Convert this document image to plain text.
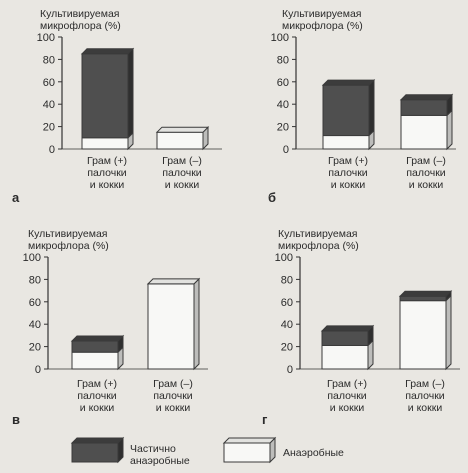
Культивируемая
микрофлора (%)
0
20
40
60
80
100
Грам (+)
палочки
и кокки
Грам (–)
палочки
и кокки
а
Культивируемая
микрофлора (%)
0
20
40
60
80
100
Грам (+)
палочки
и кокки
Грам (–)
палочки
и кокки
б
Культивируемая
микрофлора (%)
0
20
40
60
80
100
Грам (+)
палочки
и кокки
Грам (–)
палочки
и кокки
в
Культивируемая
микрофлора (%)
0
20
40
60
80
100
Грам (+)
палочки
и кокки
Грам (–)
палочки
и кокки
г
Частично
анаэробные
Анаэробные
